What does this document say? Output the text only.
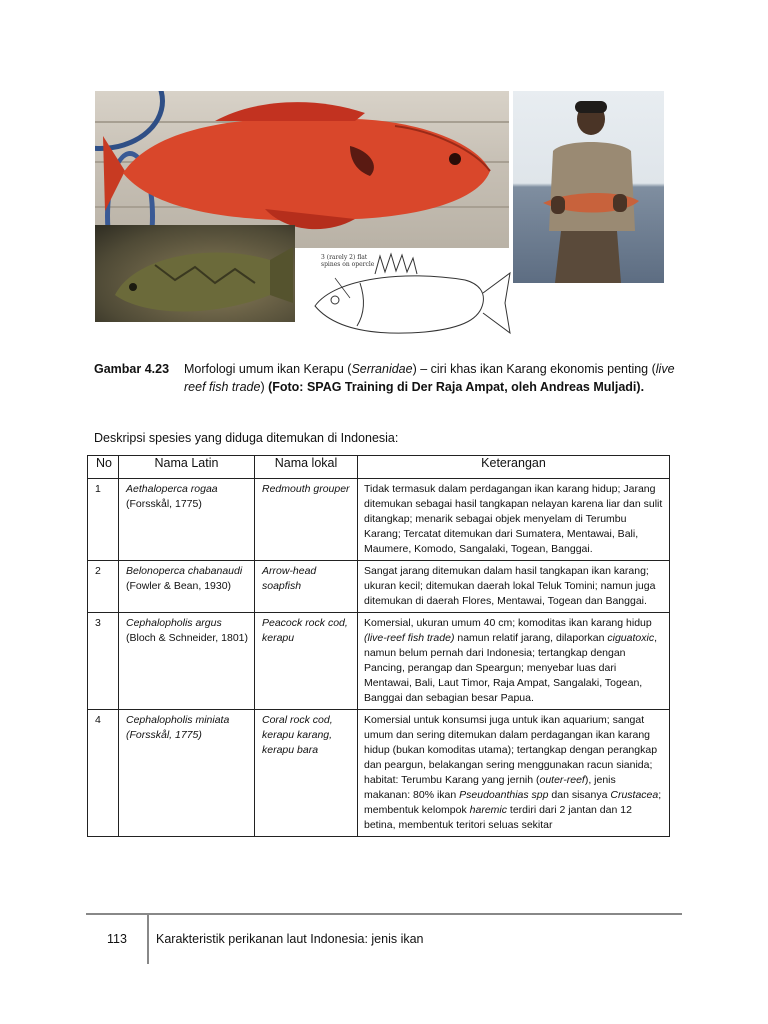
3 (rarely 2) flat spines on opercle
Gambar 4.23 Morfologi umum ikan Kerapu (Serranidae) – ciri khas ikan Karang ekonomis penting (live reef fish trade) (Foto: SPAG Training di Der Raja Ampat, oleh Andreas Muljadi).
Deskripsi spesies yang diduga ditemukan di Indonesia:
No	Nama Latin	Nama lokal	Keterangan
1	Aethaloperca rogaa
(Forsskål, 1775)	Redmouth grouper	Tidak termasuk dalam perdagangan ikan karang hidup; Jarang ditemukan sebagai hasil tangkapan nelayan karena liar dan sulit ditangkap; menarik sebagai objek menyelam di Terumbu Karang; Tercatat ditemukan dari Sumatera, Mentawai, Bali, Maumere, Komodo, Sangalaki, Togean, Banggai.
2	Belonoperca chabanaudi
(Fowler & Bean, 1930)	Arrow-head soapfish	Sangat jarang ditemukan dalam hasil tangkapan ikan karang; ukuran kecil; ditemukan daerah lokal Teluk Tomini; namun juga ditemukan di daerah Flores, Mentawai, Togean dan Banggai.
3	Cephalopholis argus
(Bloch & Schneider, 1801)	Peacock rock cod, kerapu	Komersial, ukuran umum 40 cm; komoditas ikan karang hidup (live-reef fish trade) namun relatif jarang, dilaporkan ciguatoxic, namun belum pernah dari Indonesia; tertangkap dengan Pancing, perangap dan Speargun; menyebar luas dari Mentawai, Bali, Laut Timor, Raja Ampat, Sangalaki, Togean, Banggai dan sebagian besar Papua.
4	Cephalopholis miniata
(Forsskål, 1775)	Coral rock cod, kerapu karang, kerapu bara	Komersial untuk konsumsi juga untuk ikan aquarium; sangat umum dan sering ditemukan dalam perdagangan ikan karang hidup (bukan komoditas utama); tertangkap dengan perangkap dan peargun, belakangan sering menggunakan racun sianida; habitat: Terumbu Karang yang jernih (outer-reef), jenis makanan: 80% ikan Pseudoanthias spp dan sisanya Crustacea; membentuk kelompok haremic terdiri dari 2 jantan dan 12 betina, membentuk teritori seluas sekitar
113 Karakteristik perikanan laut Indonesia: jenis ikan
